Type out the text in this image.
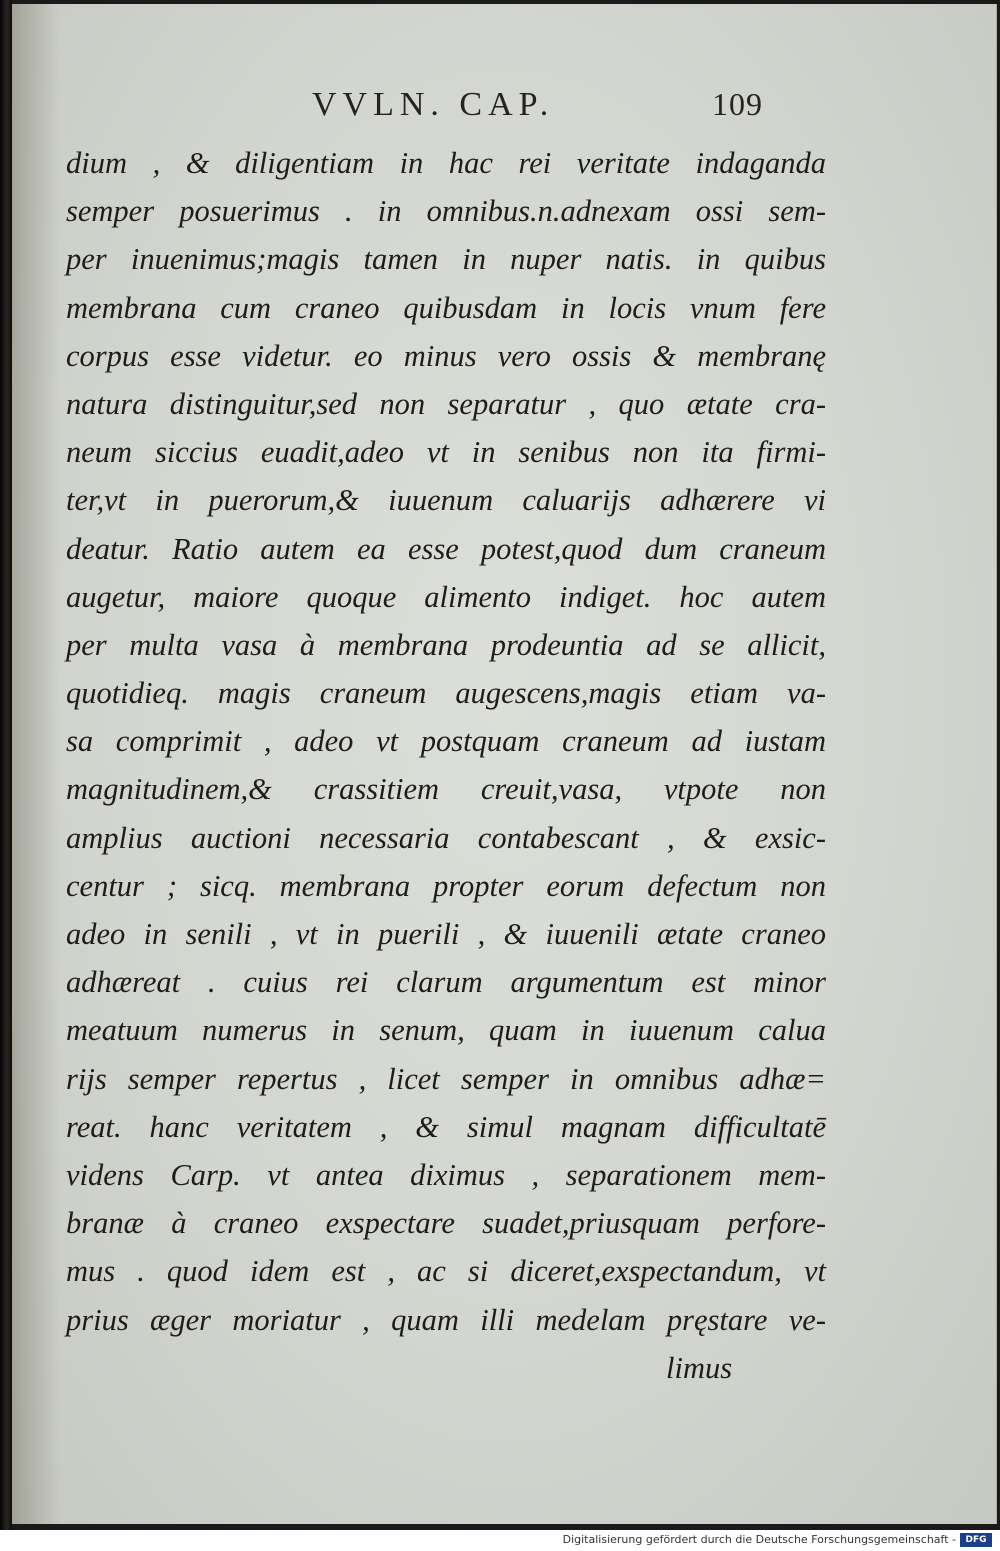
VVLN. CAP.	109
dium , & diligentiam in hac rei veritate indaganda
semper posuerimus . in omnibus.n.adnexam ossi sem-
per inuenimus;magis tamen in nuper natis. in quibus
membrana cum craneo quibusdam in locis vnum fere
corpus esse videtur. eo minus vero ossis & membranę
natura distinguitur,sed non separatur , quo ætate cra-
neum siccius euadit,adeo vt in senibus non ita firmi-
ter,vt in puerorum,& iuuenum caluarijs adhærere vi
deatur. Ratio autem ea esse potest,quod dum craneum
augetur, maiore quoque alimento indiget. hoc autem
per multa vasa à membrana prodeuntia ad se allicit,
quotidieq. magis craneum augescens,magis etiam va-
sa comprimit , adeo vt postquam craneum ad iustam
magnitudinem,& crassitiem creuit,vasa, vtpote non
amplius auctioni necessaria contabescant , & exsic-
centur ; sicq. membrana propter eorum defectum non
adeo in senili , vt in puerili , & iuuenili ætate craneo
adhæreat . cuius rei clarum argumentum est minor
meatuum numerus in senum, quam in iuuenum calua
rijs semper repertus , licet semper in omnibus adhæ=
reat. hanc veritatem , & simul magnam difficultatē
videns Carp. vt antea diximus , separationem mem-
branæ à craneo exspectare suadet,priusquam perfore-
mus . quod idem est , ac si diceret,exspectandum, vt
prius æger moriatur , quam illi medelam pręstare ve-
limus
Digitalisierung gefördert durch die Deutsche Forschungsgemeinschaft -	DFG
